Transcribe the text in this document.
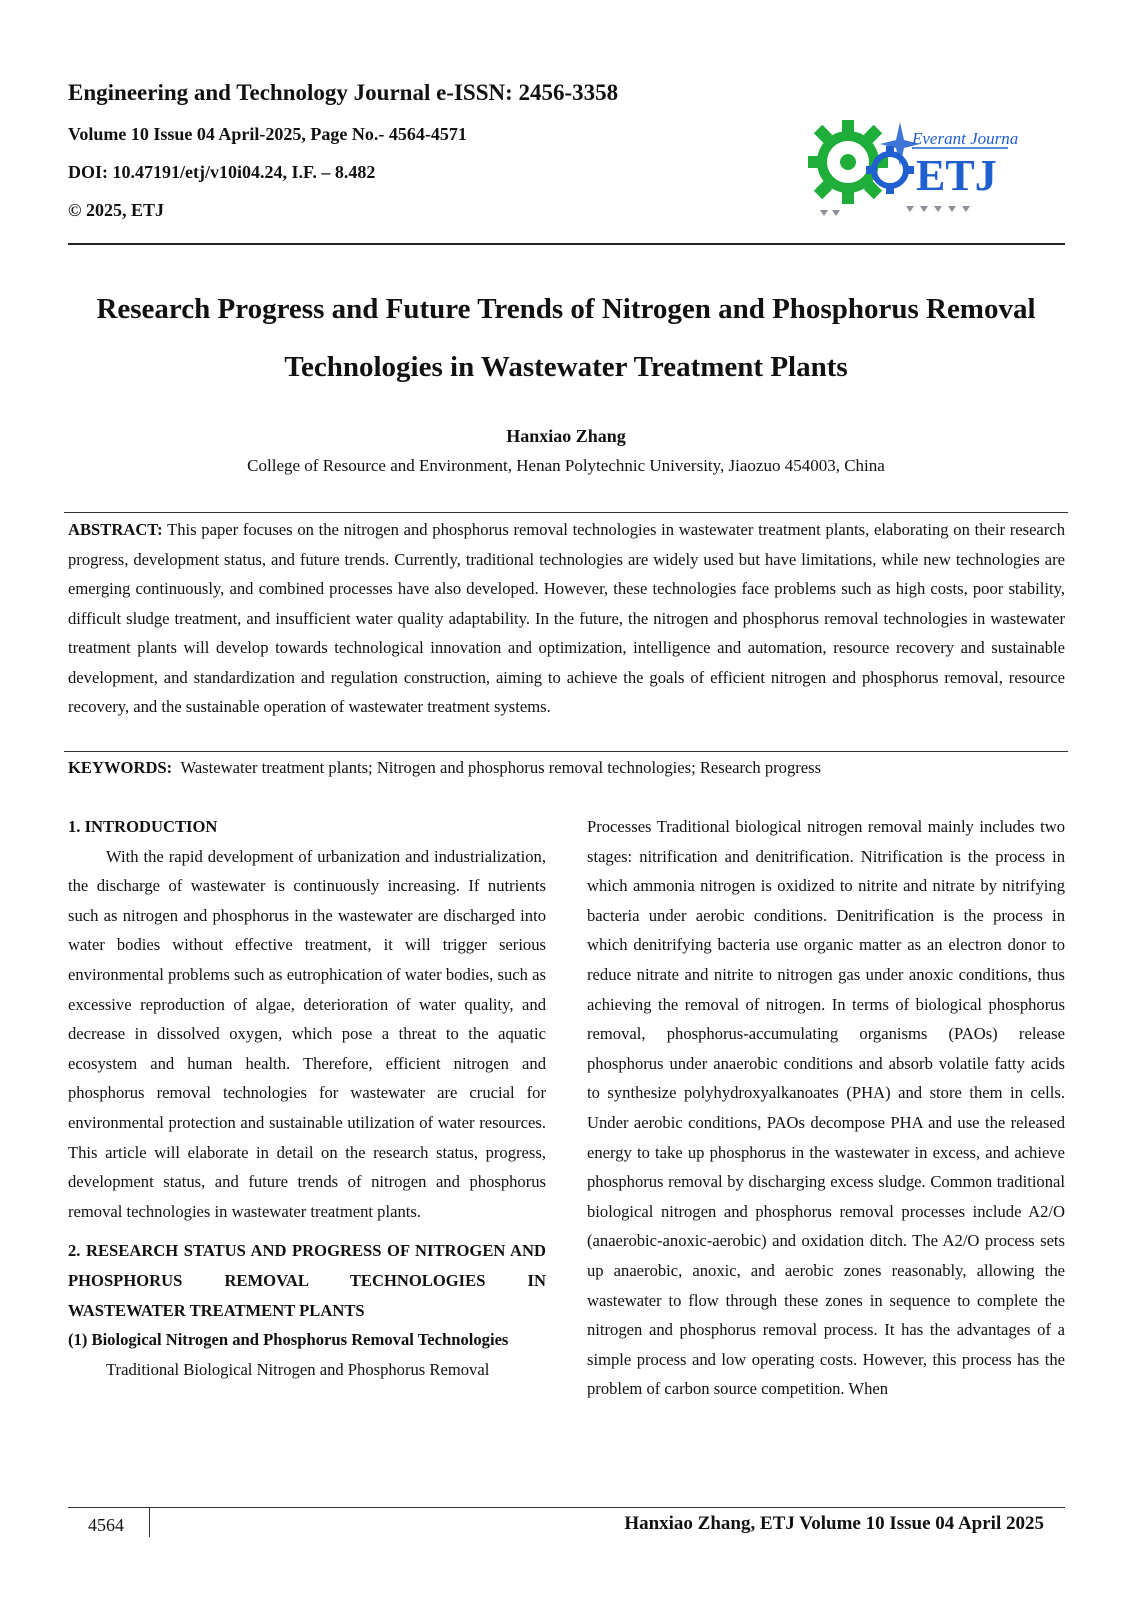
Engineering and Technology Journal e-ISSN: 2456-3358

Volume 10 Issue 04 April-2025, Page No.- 4564-4571

DOI: 10.47191/etj/v10i04.24, I.F. – 8.482

© 2025, ETJ

Everant Journal
ETJ
Research Progress and Future Trends of Nitrogen and Phosphorus Removal
Technologies in Wastewater Treatment Plants
Hanxiao Zhang
College of Resource and Environment, Henan Polytechnic University, Jiaozuo 454003, China
ABSTRACT: This paper focuses on the nitrogen and phosphorus removal technologies in wastewater treatment plants, elaborating on their research progress, development status, and future trends. Currently, traditional technologies are widely used but have limitations, while new technologies are emerging continuously, and combined processes have also developed. However, these technologies face problems such as high costs, poor stability, difficult sludge treatment, and insufficient water quality adaptability. In the future, the nitrogen and phosphorus removal technologies in wastewater treatment plants will develop towards technological innovation and optimization, intelligence and automation, resource recovery and sustainable development, and standardization and regulation construction, aiming to achieve the goals of efficient nitrogen and phosphorus removal, resource recovery, and the sustainable operation of wastewater treatment systems.
KEYWORDS:  Wastewater treatment plants; Nitrogen and phosphorus removal technologies; Research progress

1. INTRODUCTION

With the rapid development of urbanization and industrialization, the discharge of wastewater is continuously increasing. If nutrients such as nitrogen and phosphorus in the wastewater are discharged into water bodies without effective treatment, it will trigger serious environmental problems such as eutrophication of water bodies, such as excessive reproduction of algae, deterioration of water quality, and decrease in dissolved oxygen, which pose a threat to the aquatic ecosystem and human health. Therefore, efficient nitrogen and phosphorus removal technologies for wastewater are crucial for environmental protection and sustainable utilization of water resources. This article will elaborate in detail on the research status, progress, development status, and future trends of nitrogen and phosphorus removal technologies in wastewater treatment plants.

2. RESEARCH STATUS AND PROGRESS OF NITROGEN AND PHOSPHORUS REMOVAL TECHNOLOGIES IN WASTEWATER TREATMENT PLANTS

(1) Biological Nitrogen and Phosphorus Removal Technologies

Traditional Biological Nitrogen and Phosphorus Removal

Processes Traditional biological nitrogen removal mainly includes two stages: nitrification and denitrification. Nitrification is the process in which ammonia nitrogen is oxidized to nitrite and nitrate by nitrifying bacteria under aerobic conditions. Denitrification is the process in which denitrifying bacteria use organic matter as an electron donor to reduce nitrate and nitrite to nitrogen gas under anoxic conditions, thus achieving the removal of nitrogen. In terms of biological phosphorus removal, phosphorus-accumulating organisms (PAOs) release phosphorus under anaerobic conditions and absorb volatile fatty acids to synthesize polyhydroxyalkanoates (PHA) and store them in cells. Under aerobic conditions, PAOs decompose PHA and use the released energy to take up phosphorus in the wastewater in excess, and achieve phosphorus removal by discharging excess sludge. Common traditional biological nitrogen and phosphorus removal processes include A2/O (anaerobic-anoxic-aerobic) and oxidation ditch. The A2/O process sets up anaerobic, anoxic, and aerobic zones reasonably, allowing the wastewater to flow through these zones in sequence to complete the nitrogen and phosphorus removal process. It has the advantages of a simple process and low operating costs. However, this process has the problem of carbon source competition. When

4564	Hanxiao Zhang, ETJ Volume 10 Issue 04 April 2025
